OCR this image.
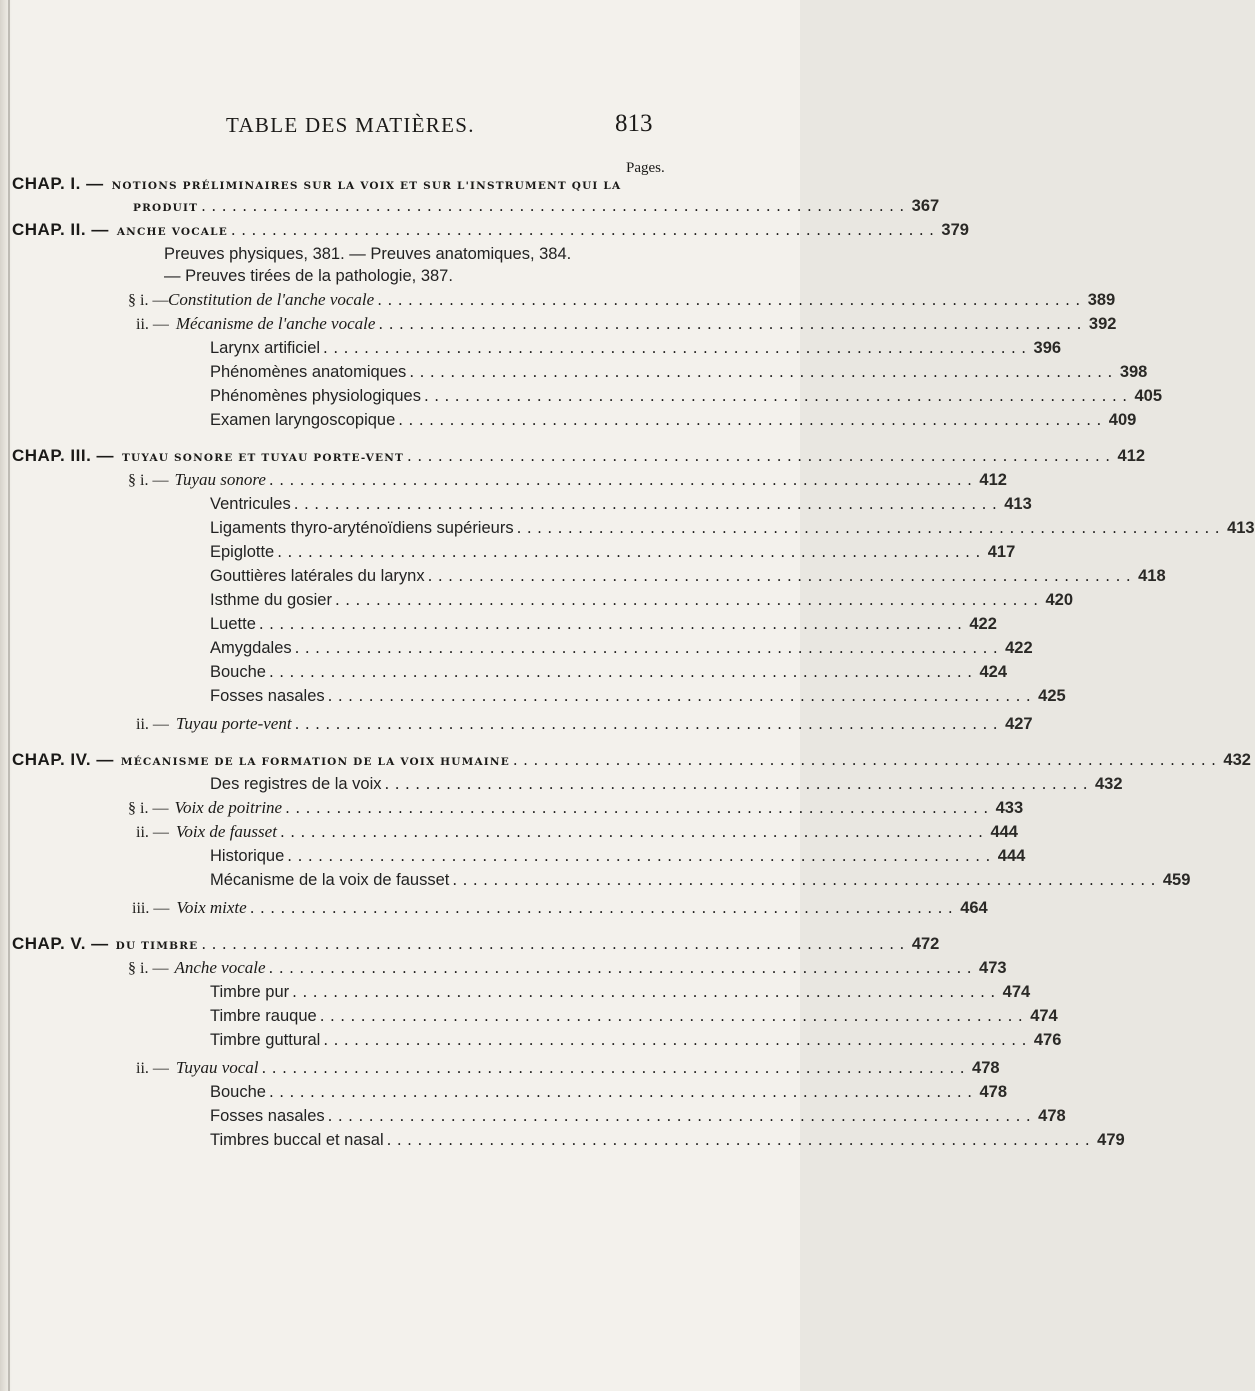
TABLE DES MATIÈRES.	813
Pages.
CHAP. I. — NOTIONS PRÉLIMINAIRES SUR LA VOIX ET SUR L'INSTRUMENT QUI LA
PRODUIT ..................................................................... 367
CHAP. II. — ANCHE VOCALE ..................................................................... 379
Preuves physiques, 381. — Preuves anatomiques, 384.
— Preuves tirées de la pathologie, 387.
§ i. — Constitution de l'anche vocale ..................................................................... 389
ii. — Mécanisme de l'anche vocale ..................................................................... 392
Larynx artificiel ..................................................................... 396
Phénomènes anatomiques ..................................................................... 398
Phénomènes physiologiques ..................................................................... 405
Examen laryngoscopique ..................................................................... 409
CHAP. III. — TUYAU SONORE ET TUYAU PORTE-VENT ..................................................................... 412
§ i. — Tuyau sonore ..................................................................... 412
Ventricules ..................................................................... 413
Ligaments thyro-aryténoïdiens supérieurs ..................................................................... 413
Epiglotte ..................................................................... 417
Gouttières latérales du larynx ..................................................................... 418
Isthme du gosier ..................................................................... 420
Luette ..................................................................... 422
Amygdales ..................................................................... 422
Bouche ..................................................................... 424
Fosses nasales ..................................................................... 425
ii. — Tuyau porte-vent ..................................................................... 427
CHAP. IV. — MÉCANISME DE LA FORMATION DE LA VOIX HUMAINE ..................................................................... 432
Des registres de la voix ..................................................................... 432
§ i. — Voix de poitrine ..................................................................... 433
ii. — Voix de fausset ..................................................................... 444
Historique ..................................................................... 444
Mécanisme de la voix de fausset ..................................................................... 459
iii. — Voix mixte ..................................................................... 464
CHAP. V. — DU TIMBRE ..................................................................... 472
§ i. — Anche vocale ..................................................................... 473
Timbre pur ..................................................................... 474
Timbre rauque ..................................................................... 474
Timbre guttural ..................................................................... 476
ii. — Tuyau vocal ..................................................................... 478
Bouche ..................................................................... 478
Fosses nasales ..................................................................... 478
Timbres buccal et nasal ..................................................................... 479
